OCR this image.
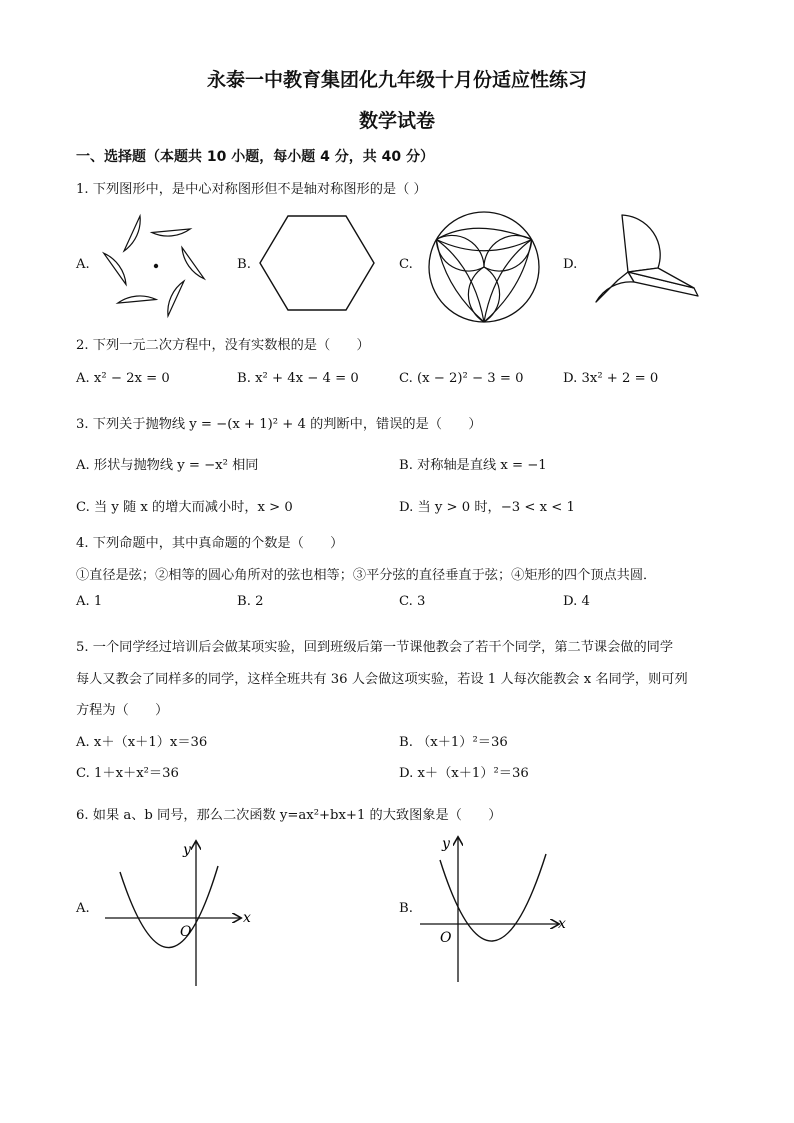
永泰一中教育集团化九年级十月份适应性练习
数学试卷
一、选择题（本题共 10 小题，每小题 4 分，共 40 分）
1. 下列图形中，是中心对称图形但不是轴对称图形的是（ ）
A.	B.	C.	D.
2. 下列一元二次方程中，没有实数根的是（　　）
A. x² − 2x = 0	B. x² + 4x − 4 = 0	C. (x − 2)² − 3 = 0	D. 3x² + 2 = 0
3. 下列关于抛物线 y = −(x + 1)² + 4 的判断中，错误的是（　　）
A. 形状与抛物线 y = −x² 相同	B. 对称轴是直线 x = −1
C. 当 y 随 x 的增大而减小时，x > 0	D. 当 y > 0 时，−3 < x < 1
4. 下列命题中，其中真命题的个数是（　　）
①直径是弦；②相等的圆心角所对的弦也相等；③平分弦的直径垂直于弦；④矩形的四个顶点共圆．
A. 1	B. 2	C. 3	D. 4
5. 一个同学经过培训后会做某项实验，回到班级后第一节课他教会了若干个同学，第二节课会做的同学
每人又教会了同样多的同学，这样全班共有 36 人会做这项实验，若设 1 人每次能教会 x 名同学，则可列
方程为（　　）
A. x＋（x＋1）x＝36	B. （x＋1）²＝36
C. 1＋x＋x²＝36	D. x＋（x＋1）²＝36
6. 如果 a、b 同号，那么二次函数 y=ax²+bx+1 的大致图象是（　　）
A.	B.
O
x
y
O
x
y
